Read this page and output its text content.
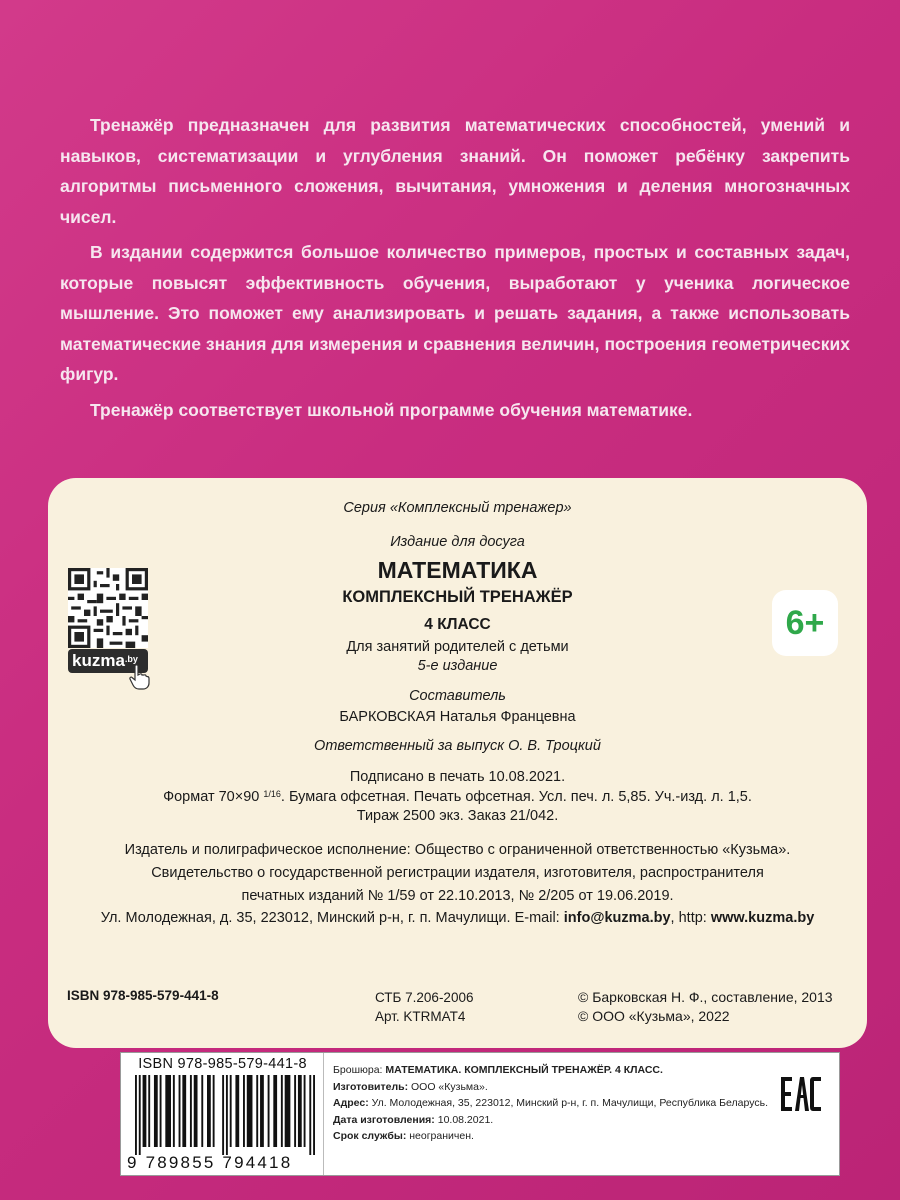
Тренажёр предназначен для развития математических способностей, умений и навыков, систематизации и углубления знаний. Он поможет ребёнку закрепить алгоритмы письменного сложения, вычитания, умножения и деления многозначных чисел.

В издании содержится большое количество примеров, простых и составных задач, которые повысят эффективность обучения, выработают у ученика логическое мышление. Это поможет ему анализировать и решать задания, а также использовать математические знания для измерения и сравнения величин, построения геометрических фигур.

Тренажёр соответствует школьной программе обучения математике.

Серия «Комплексный тренажер»
Издание для досуга
МАТЕМАТИКА
КОМПЛЕКСНЫЙ ТРЕНАЖЁР
4 КЛАСС
Для занятий родителей с детьми
5-е издание
Составитель
БАРКОВСКАЯ Наталья Францевна
Ответственный за выпуск О. В. Троцкий
Подписано в печать 10.08.2021.
Формат 70×90 $^{1/16}$. Бумага офсетная. Печать офсетная. Усл. печ. л. 5,85. Уч.-изд. л. 1,5.
Тираж 2500 экз. Заказ 21/042.
Издатель и полиграфическое исполнение: Общество с ограниченной ответственностью «Кузьма».
Свидетельство о государственной регистрации издателя, изготовителя, распространителя
печатных изданий № 1/59 от 22.10.2013, № 2/205 от 19.06.2019.
Ул. Молодежная, д. 35, 223012, Минский р-н, г. п. Мачулищи. E-mail: info@kuzma.by, http: www.kuzma.by
kuzma$^{.by}$
6+
ISBN 978-985-579-441-8	СТБ 7.206-2006
Арт. KTRMAT4
© Барковская Н. Ф., составление, 2013
© ООО «Кузьма», 2022
ISBN 978-985-579-441-8
9 789855 794418
Брошюра: МАТЕМАТИКА. КОМПЛЕКСНЫЙ ТРЕНАЖЁР. 4 КЛАСС.
Изготовитель: ООО «Кузьма».
Адрес: Ул. Молодежная, 35, 223012, Минский р-н, г. п. Мачулищи, Республика Беларусь.
Дата изготовления: 10.08.2021.
Срок службы: неограничен.
